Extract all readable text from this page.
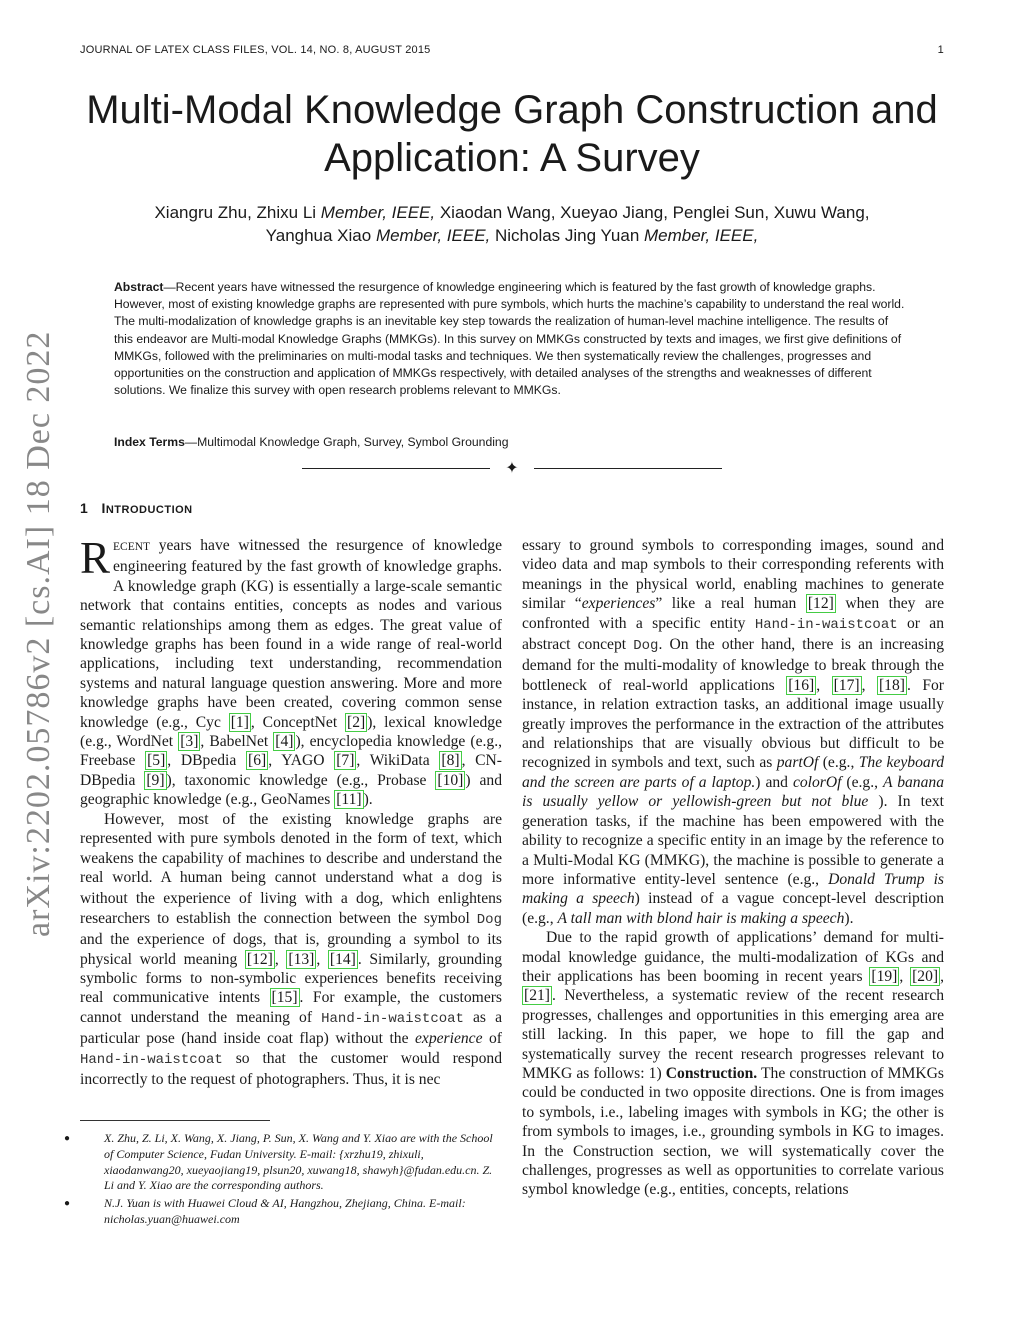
JOURNAL OF LATEX CLASS FILES, VOL. 14, NO. 8, AUGUST 2015	1
arXiv:2202.05786v2 [cs.AI] 18 Dec 2022
Multi-Modal Knowledge Graph Construction and Application: A Survey
Xiangru Zhu, Zhixu Li Member, IEEE, Xiaodan Wang, Xueyao Jiang, Penglei Sun, Xuwu Wang,
Yanghua Xiao Member, IEEE, Nicholas Jing Yuan Member, IEEE,
Abstract—Recent years have witnessed the resurgence of knowledge engineering which is featured by the fast growth of knowledge graphs. However, most of existing knowledge graphs are represented with pure symbols, which hurts the machine’s capability to understand the real world. The multi-modalization of knowledge graphs is an inevitable key step towards the realization of human-level machine intelligence. The results of this endeavor are Multi-modal Knowledge Graphs (MMKGs). In this survey on MMKGs constructed by texts and images, we first give definitions of MMKGs, followed with the preliminaries on multi-modal tasks and techniques. We then systematically review the challenges, progresses and opportunities on the construction and application of MMKGs respectively, with detailed analyses of the strengths and weaknesses of different solutions. We finalize this survey with open research problems relevant to MMKGs.
Index Terms—Multimodal Knowledge Graph, Survey, Symbol Grounding
✦
1 INTRODUCTION

RECENT years have witnessed the resurgence of knowledge engineering featured by the fast growth of knowledge graphs. A knowledge graph (KG) is essentially a large-scale semantic network that contains entities, concepts as nodes and various semantic relationships among them as edges. The great value of knowledge graphs has been found in a wide range of real-world applications, including text understanding, recommendation systems and natural language question answering. More and more knowledge graphs have been created, covering common sense knowledge (e.g., Cyc [1] , ConceptNet [2] ), lexical knowledge (e.g., WordNet [3] , BabelNet [4] ), encyclopedia knowledge (e.g., Freebase [5] , DBpedia [6] , YAGO [7] , WikiData [8] , CN-DBpedia [9] ), taxonomic knowledge (e.g., Probase [10] ) and geographic knowledge (e.g., GeoNames [11] ).

However, most of the existing knowledge graphs are represented with pure symbols denoted in the form of text, which weakens the capability of machines to describe and understand the real world. A human being cannot understand what a dog is without the experience of living with a dog, which enlightens researchers to establish the connection between the symbol Dog and the experience of dogs, that is, grounding a symbol to its physical world meaning [12] , [13] , [14] . Similarly, grounding symbolic forms to non-symbolic experiences benefits receiving real communicative intents [15] . For example, the customers cannot understand the meaning of Hand-in-waistcoat as a particular pose (hand inside coat flap) without the experience of Hand-in-waistcoat so that the customer would respond incorrectly to the request of photographers. Thus, it is nec

essary to ground symbols to corresponding images, sound and video data and map symbols to their corresponding referents with meanings in the physical world, enabling machines to generate similar “experiences” like a real human [12] when they are confronted with a specific entity Hand-in-waistcoat or an abstract concept Dog. On the other hand, there is an increasing demand for the multi-modality of knowledge to break through the bottleneck of real-world applications [16] , [17] , [18] . For instance, in relation extraction tasks, an additional image usually greatly improves the performance in the extraction of the attributes and relationships that are visually obvious but difficult to be recognized in symbols and text, such as partOf (e.g., The keyboard and the screen are parts of a laptop.) and colorOf (e.g., A banana is usually yellow or yellowish-green but not blue ). In text generation tasks, if the machine has been empowered with the ability to recognize a specific entity in an image by the reference to a Multi-Modal KG (MMKG), the machine is possible to generate a more informative entity-level sentence (e.g., Donald Trump is making a speech) instead of a vague concept-level description (e.g., A tall man with blond hair is making a speech).

Due to the rapid growth of applications’ demand for multi-modal knowledge guidance, the multi-modalization of KGs and their applications has been booming in recent years [19] , [20] , [21] . Nevertheless, a systematic review of the recent research progresses, challenges and opportunities in this emerging area are still lacking. In this paper, we hope to fill the gap and systematically survey the recent research progresses relevant to MMKG as follows: 1) Construction. The construction of MMKGs could be conducted in two opposite directions. One is from images to symbols, i.e., labeling images with symbols in KG; the other is from symbols to images, i.e., grounding symbols in KG to images. In the Construction section, we will systematically cover the challenges, progresses as well as opportunities to correlate various symbol knowledge (e.g., entities, concepts, relations

●	X. Zhu, Z. Li, X. Wang, X. Jiang, P. Sun, X. Wang and Y. Xiao are with the School of Computer Science, Fudan University. E-mail: {xrzhu19, zhixuli, xiaodanwang20, xueyaojiang19, plsun20, xuwang18, shawyh}@fudan.edu.cn. Z. Li and Y. Xiao are the corresponding authors.
●	N.J. Yuan is with Huawei Cloud & AI, Hangzhou, Zhejiang, China. E-mail: nicholas.yuan@huawei.com
